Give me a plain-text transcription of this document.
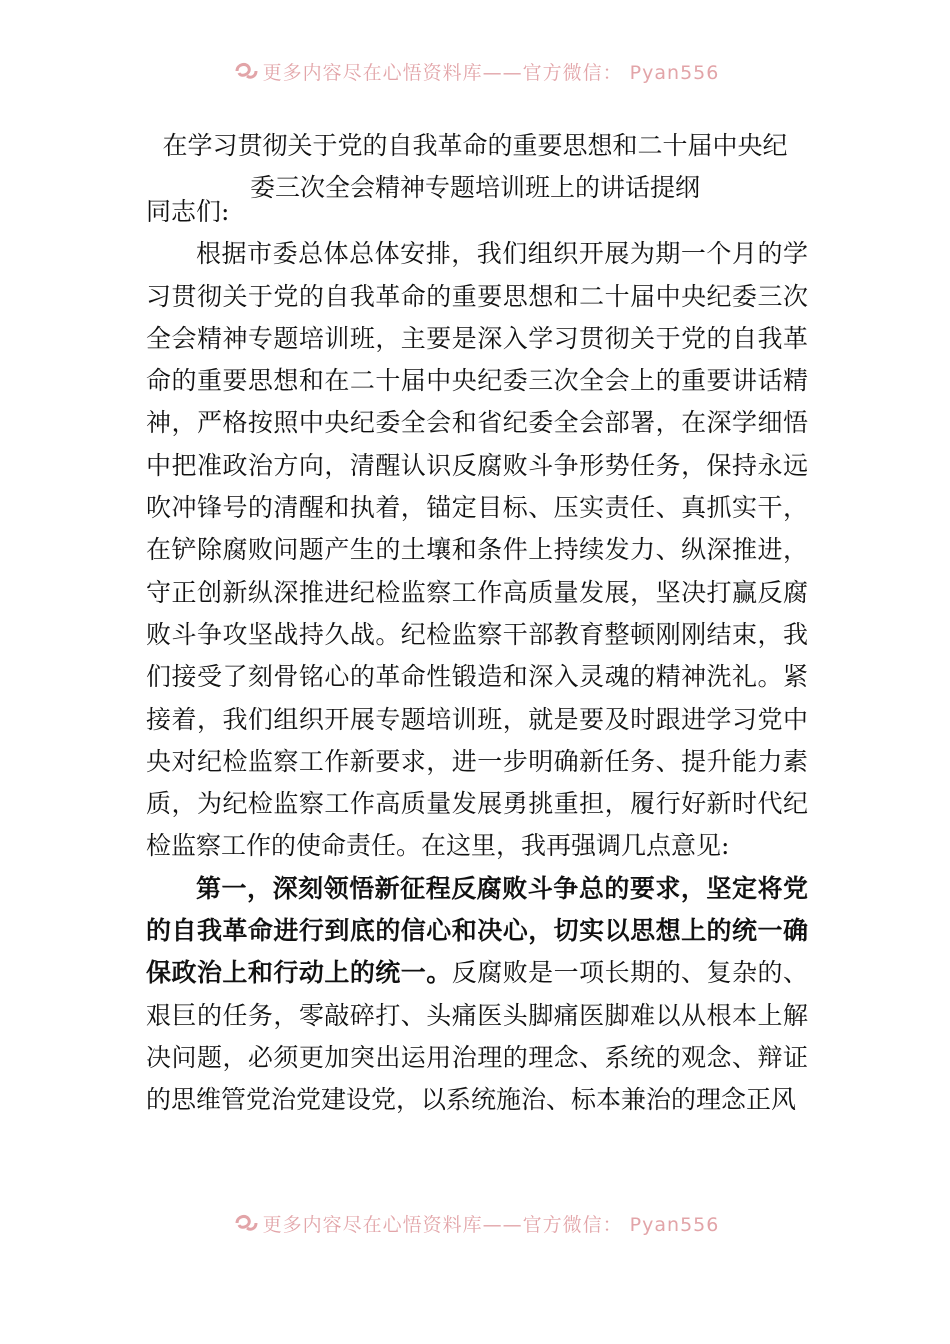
更多内容尽在心悟资料库——官方微信： Pyan556
在学习贯彻关于党的自我革命的重要思想和二十届中央纪
委三次全会精神专题培训班上的讲话提纲

同志们:

根据市委总体总体安排，我们组织开展为期一个月的学习贯彻关于党的自我革命的重要思想和二十届中央纪委三次全会精神专题培训班，主要是深入学习贯彻关于党的自我革命的重要思想和在二十届中央纪委三次全会上的重要讲话精神，严格按照中央纪委全会和省纪委全会部署，在深学细悟中把准政治方向，清醒认识反腐败斗争形势任务，保持永远吹冲锋号的清醒和执着，锚定目标、压实责任、真抓实干，在铲除腐败问题产生的土壤和条件上持续发力、纵深推进，守正创新纵深推进纪检监察工作高质量发展，坚决打赢反腐败斗争攻坚战持久战。纪检监察干部教育整顿刚刚结束，我们接受了刻骨铭心的革命性锻造和深入灵魂的精神洗礼。紧接着，我们组织开展专题培训班，就是要及时跟进学习党中央对纪检监察工作新要求，进一步明确新任务、提升能力素质，为纪检监察工作高质量发展勇挑重担，履行好新时代纪检监察工作的使命责任。在这里，我再强调几点意见:

第一，深刻领悟新征程反腐败斗争总的要求，坚定将党的自我革命进行到底的信心和决心，切实以思想上的统一确保政治上和行动上的统一。反腐败是一项长期的、复杂的、艰巨的任务，零敲碎打、头痛医头脚痛医脚难以从根本上解决问题，必须更加突出运用治理的理念、系统的观念、辩证的思维管党治党建设党，以系统施治、标本兼治的理念正风

更多内容尽在心悟资料库——官方微信： Pyan556
